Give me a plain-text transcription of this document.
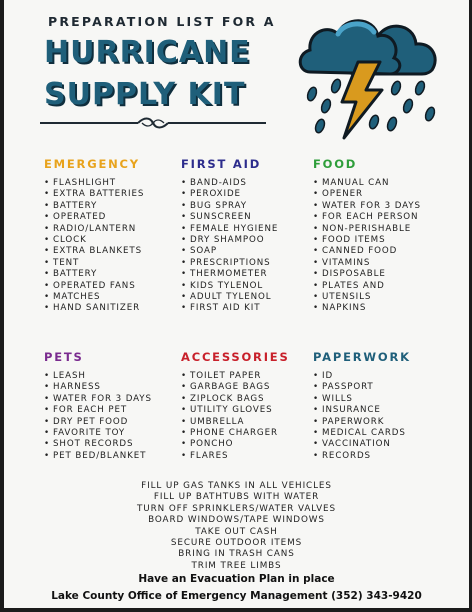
PREPARATION LIST FOR A
HURRICANE
SUPPLY KIT
EMERGENCY
• FLASHLIGHT
• EXTRA BATTERIES
• BATTERY
• OPERATED
• RADIO/LANTERN
• CLOCK
• EXTRA BLANKETS
• TENT
• BATTERY
• OPERATED FANS
• MATCHES
• HAND SANITIZER
FIRST AID
• BAND-AIDS
• PEROXIDE
• BUG SPRAY
• SUNSCREEN
• FEMALE HYGIENE
• DRY SHAMPOO
• SOAP
• PRESCRIPTIONS
• THERMOMETER
• KIDS TYLENOL
• ADULT TYLENOL
• FIRST AID KIT
FOOD
• MANUAL CAN
• OPENER
• WATER FOR 3 DAYS
• FOR EACH PERSON
• NON-PERISHABLE
• FOOD ITEMS
• CANNED FOOD
• VITAMINS
• DISPOSABLE
• PLATES AND
• UTENSILS
• NAPKINS
PETS
• LEASH
• HARNESS
• WATER FOR 3 DAYS
• FOR EACH PET
• DRY PET FOOD
• FAVORITE TOY
• SHOT RECORDS
• PET BED/BLANKET
ACCESSORIES
• TOILET PAPER
• GARBAGE BAGS
• ZIPLOCK BAGS
• UTILITY GLOVES
• UMBRELLA
• PHONE CHARGER
• PONCHO
• FLARES
PAPERWORK
• ID
• PASSPORT
• WILLS
• INSURANCE
• PAPERWORK
• MEDICAL CARDS
• VACCINATION
• RECORDS
FILL UP GAS TANKS IN ALL VEHICLES
FILL UP BATHTUBS WITH WATER
TURN OFF SPRINKLERS/WATER VALVES
BOARD WINDOWS/TAPE WINDOWS
TAKE OUT CASH
SECURE OUTDOOR ITEMS
BRING IN TRASH CANS
TRIM TREE LIMBS
Have an Evacuation Plan in place
Lake County Office of Emergency Management (352) 343-9420
